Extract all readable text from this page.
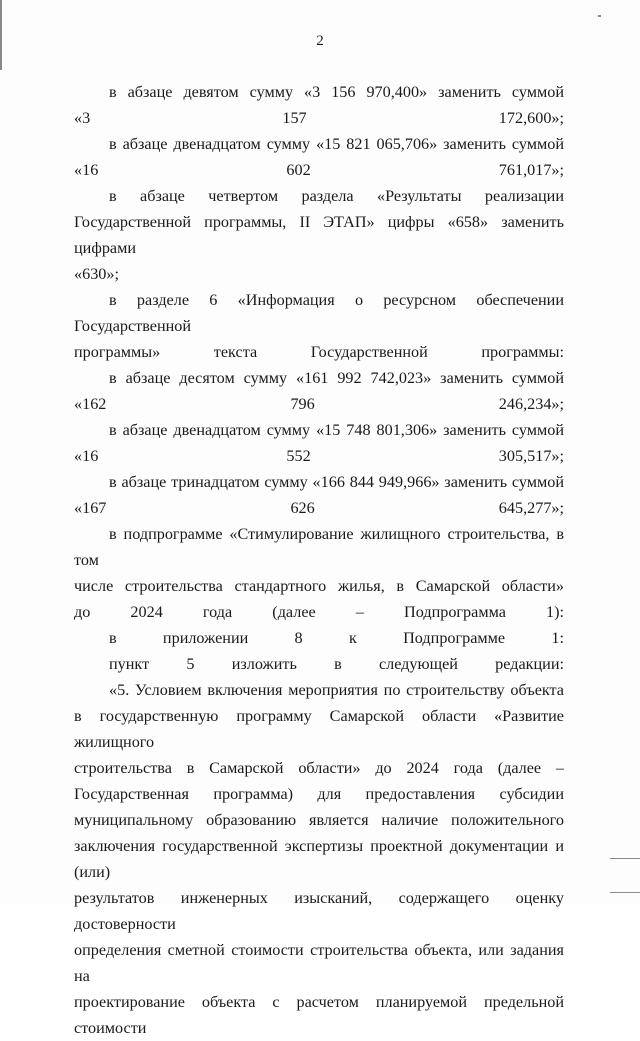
2

в абзаце девятом сумму «3 156 970,400» заменить суммой
«3 157 172,600»;

в абзаце двенадцатом сумму «15 821 065,706» заменить суммой
«16 602 761,017»;

в абзаце четвертом раздела «Результаты реализации
Государственной программы, II ЭТАП» цифры «658» заменить цифрами
«630»;

в разделе 6 «Информация о ресурсном обеспечении Государственной
программы» текста Государственной программы:

в абзаце десятом сумму «161 992 742,023» заменить суммой
«162 796 246,234»;

в абзаце двенадцатом сумму «15 748 801,306» заменить суммой
«16 552 305,517»;

в абзаце тринадцатом сумму «166 844 949,966» заменить суммой
«167 626 645,277»;

в подпрограмме «Стимулирование жилищного строительства, в том
числе строительства стандартного жилья, в Самарской области»
до 2024 года (далее – Подпрограмма 1):

в приложении 8 к Подпрограмме 1:

пункт 5 изложить в следующей редакции:

«5. Условием включения мероприятия по строительству объекта
в государственную программу Самарской области «Развитие жилищного
строительства в Самарской области» до 2024 года (далее –
Государственная программа) для предоставления субсидии
муниципальному образованию является наличие положительного
заключения государственной экспертизы проектной документации и (или)
результатов инженерных изысканий, содержащего оценку достоверности
определения сметной стоимости строительства объекта, или задания на
проектирование объекта с расчетом планируемой предельной стоимости
